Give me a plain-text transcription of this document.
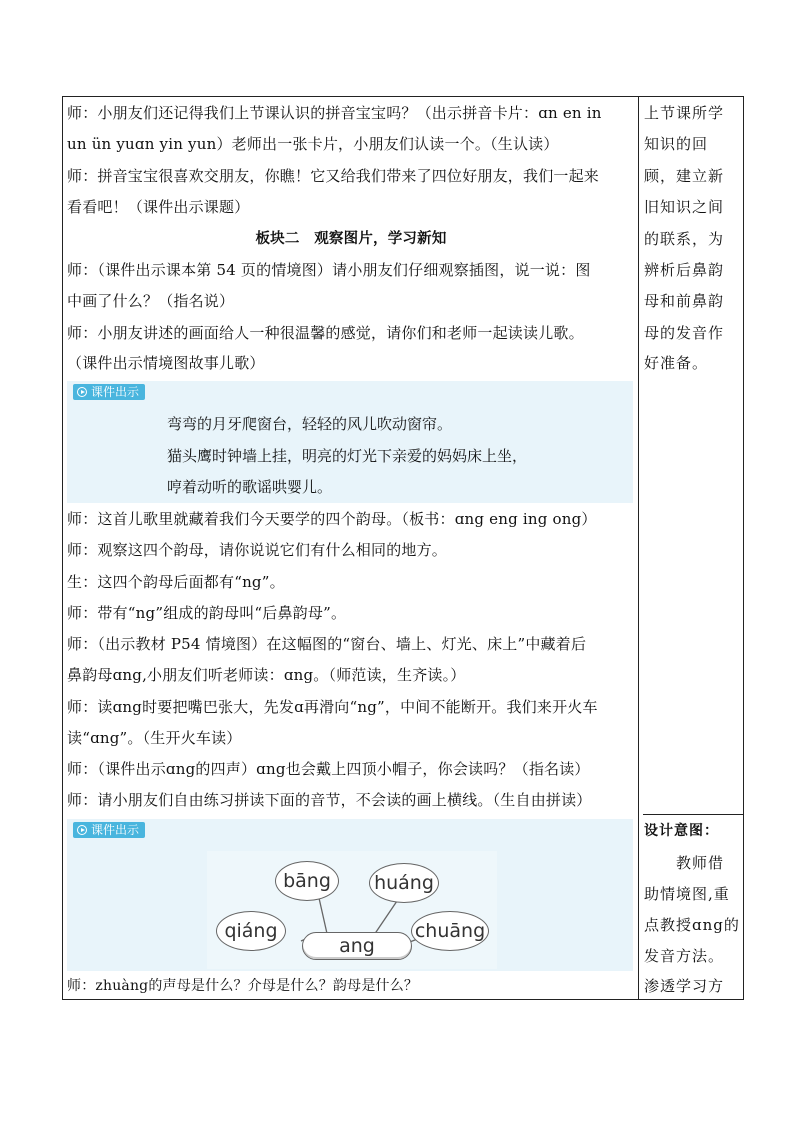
师：小朋友们还记得我们上节课认识的拼音宝宝吗？（出示拼音卡片：ɑn en in
un ün yuɑn yin yun）老师出一张卡片，小朋友们认读一个。（生认读）
师：拼音宝宝很喜欢交朋友，你瞧！它又给我们带来了四位好朋友，我们一起来
看看吧！（课件出示课题）
板块二　观察图片，学习新知
师：（课件出示课本第 54 页的情境图）请小朋友们仔细观察插图，说一说：图
中画了什么？（指名说）
师：小朋友讲述的画面给人一种很温馨的感觉，请你们和老师一起读读儿歌。
（课件出示情境图故事儿歌）
课件出示
弯弯的月牙爬窗台，轻轻的风儿吹动窗帘。
猫头鹰时钟墙上挂，明亮的灯光下亲爱的妈妈床上坐，
哼着动听的歌谣哄婴儿。
师：这首儿歌里就藏着我们今天要学的四个韵母。（板书：ɑng eng ing ong）
师：观察这四个韵母，请你说说它们有什么相同的地方。
生：这四个韵母后面都有“ng”。
师：带有“ng”组成的韵母叫“后鼻韵母”。
师：（出示教材 P54 情境图）在这幅图的“窗台、墙上、灯光、床上”中藏着后
鼻韵母ɑng,小朋友们听老师读：ɑng。（师范读，生齐读。）
师：读ɑng时要把嘴巴张大，先发ɑ再滑向“ng”，中间不能断开。我们来开火车
读“ɑng”。（生开火车读）
师：（课件出示ɑng的四声）ɑng也会戴上四顶小帽子，你会读吗？（指名读）
师：请小朋友们自由练习拼读下面的音节，不会读的画上横线。（生自由拼读）
课件出示
bāng	huáng
qiáng	chuāng
ang
师：zhuàng的声母是什么？介母是什么？韵母是什么？
上节课所学
知识的回
顾，建立新
旧知识之间
的联系，为
辨析后鼻韵
母和前鼻韵
母的发音作
好准备。
设计意图：
　　教师借
助情境图,重
点教授ɑng的
发音方法。
渗透学习方
